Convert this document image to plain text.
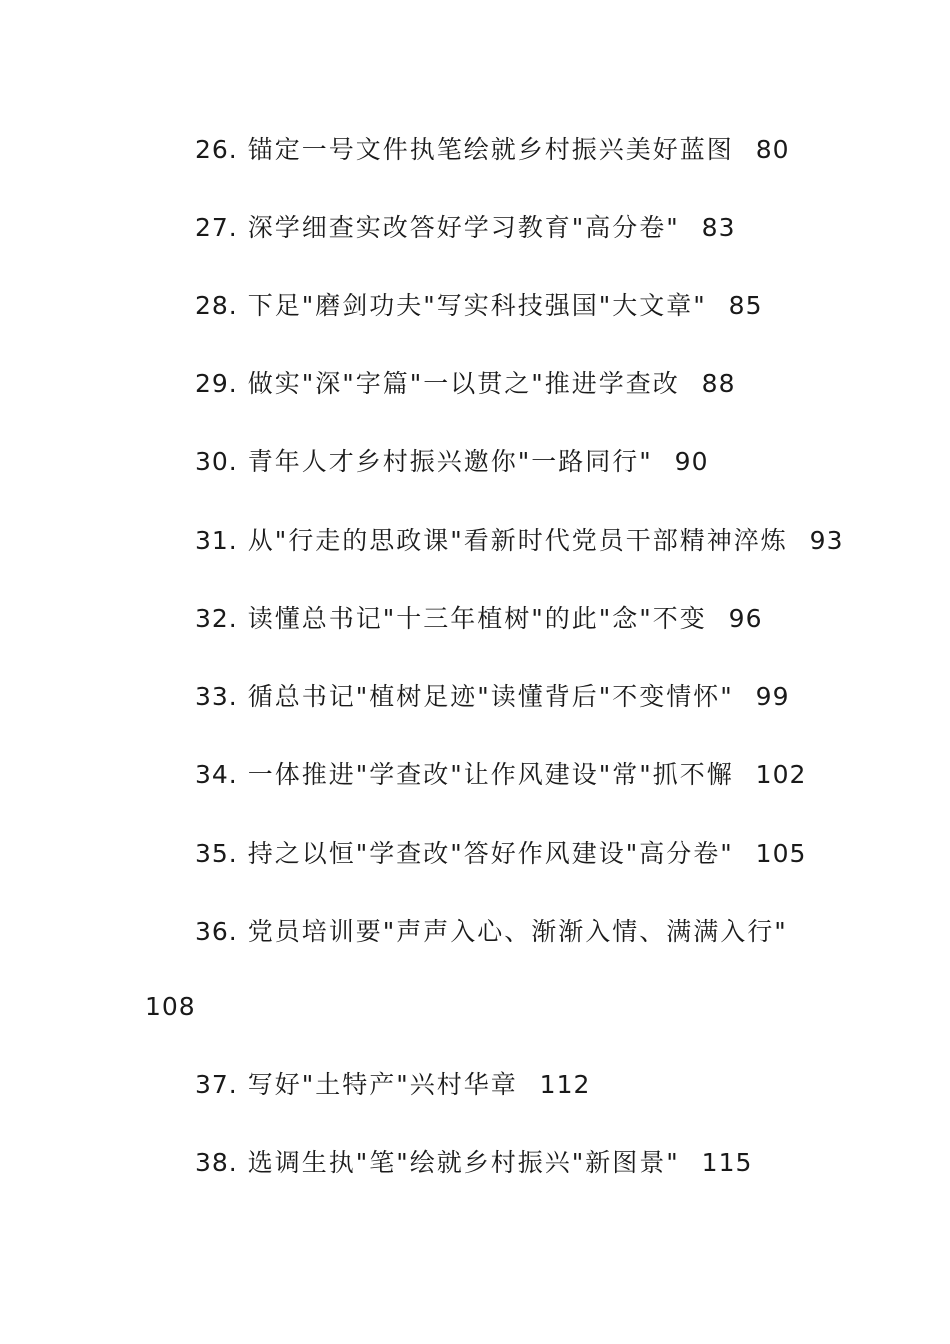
26. 锚定一号文件执笔绘就乡村振兴美好蓝图 80
27. 深学细查实改答好学习教育"高分卷" 83
28. 下足"磨剑功夫"写实科技强国"大文章" 85
29. 做实"深"字篇"一以贯之"推进学查改 88
30. 青年人才乡村振兴邀你"一路同行" 90
31. 从"行走的思政课"看新时代党员干部精神淬炼 93
32. 读懂总书记"十三年植树"的此"念"不变 96
33. 循总书记"植树足迹"读懂背后"不变情怀" 99
34. 一体推进"学查改"让作风建设"常"抓不懈 102
35. 持之以恒"学查改"答好作风建设"高分卷" 105
36. 党员培训要"声声入心、渐渐入情、满满入行"
108
37. 写好"土特产"兴村华章 112
38. 选调生执"笔"绘就乡村振兴"新图景" 115
